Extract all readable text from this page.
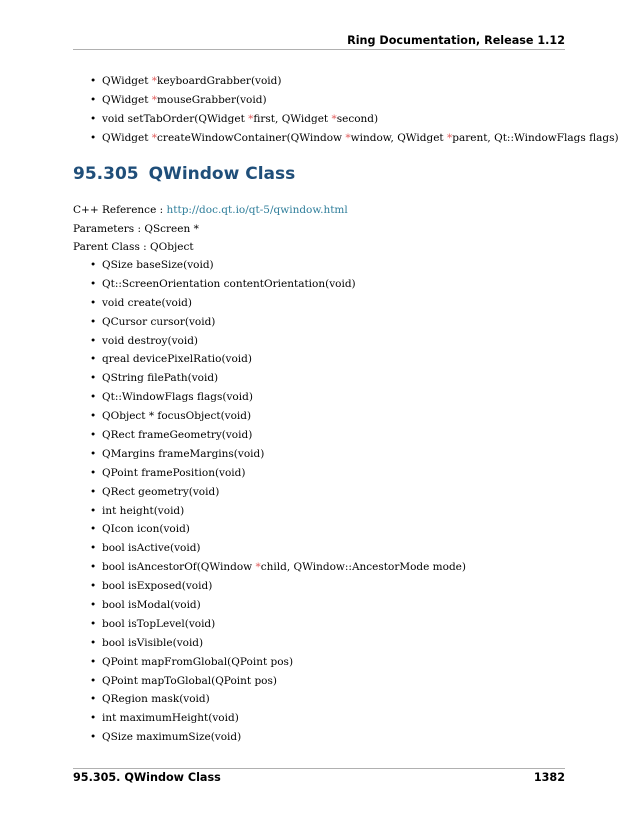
Ring Documentation, Release 1.12
• QWidget *keyboardGrabber(void)
• QWidget *mouseGrabber(void)
• void setTabOrder(QWidget *first, QWidget *second)
• QWidget *createWindowContainer(QWindow *window, QWidget *parent, Qt::WindowFlags flags)
95.305 QWindow Class
C++ Reference : http://doc.qt.io/qt-5/qwindow.html
Parameters : QScreen *
Parent Class : QObject
• QSize baseSize(void)
• Qt::ScreenOrientation contentOrientation(void)
• void create(void)
• QCursor cursor(void)
• void destroy(void)
• qreal devicePixelRatio(void)
• QString filePath(void)
• Qt::WindowFlags flags(void)
• QObject * focusObject(void)
• QRect frameGeometry(void)
• QMargins frameMargins(void)
• QPoint framePosition(void)
• QRect geometry(void)
• int height(void)
• QIcon icon(void)
• bool isActive(void)
• bool isAncestorOf(QWindow *child, QWindow::AncestorMode mode)
• bool isExposed(void)
• bool isModal(void)
• bool isTopLevel(void)
• bool isVisible(void)
• QPoint mapFromGlobal(QPoint pos)
• QPoint mapToGlobal(QPoint pos)
• QRegion mask(void)
• int maximumHeight(void)
• QSize maximumSize(void)
95.305. QWindow Class	1382
